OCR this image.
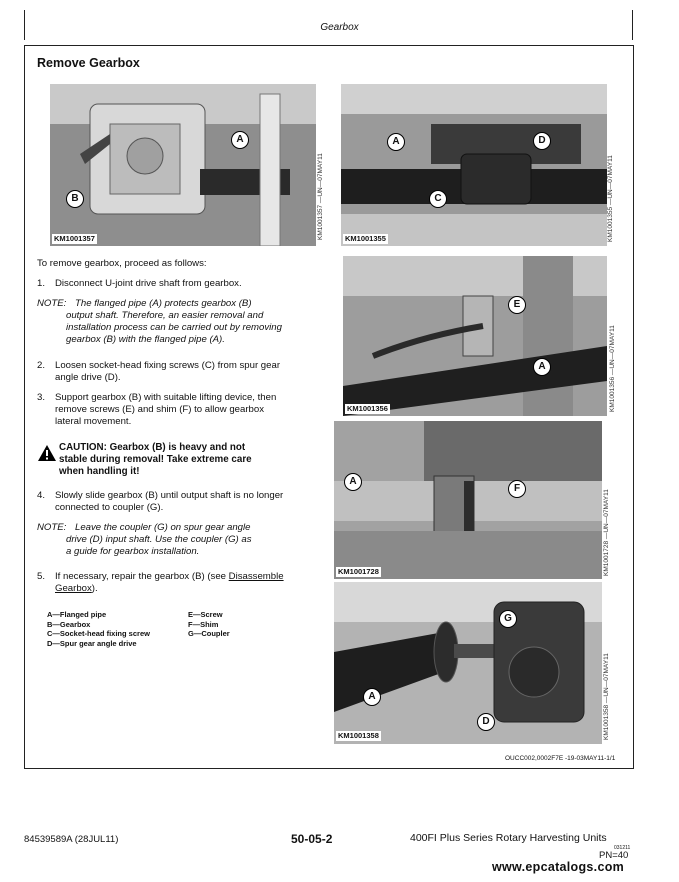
Gearbox
Remove Gearbox
A
B
KM1001357	KM1001357 —UN—07MAY11
A	D
C
KM1001355	KM1001355 —UN—07MAY11
To remove gearbox, proceed as follows:
1. Disconnect U-joint drive shaft from gearbox.
NOTE: The flanged pipe (A) protects gearbox (B)
output shaft. Therefore, an easier removal and
installation process can be carried out by removing
gearbox (B) with the flanged pipe (A).
E
A
KM1001356	KM1001356 —UN—07MAY11
2. Loosen socket-head fixing screws (C) from spur gear
angle drive (D).
3. Support gearbox (B) with suitable lifting device, then
remove screws (E) and shim (F) to allow gearbox
lateral movement.
CAUTION: Gearbox (B) is heavy and not
stable during removal! Take extreme care
when handling it!
A
F
KM1001728	KM1001728 —UN—07MAY11
4. Slowly slide gearbox (B) until output shaft is no longer
connected to coupler (G).
NOTE: Leave the coupler (G) on spur gear angle
drive (D) input shaft. Use the coupler (G) as
a guide for gearbox installation.
5. If necessary, repair the gearbox (B) (see Disassemble
Gearbox).
A—Flanged pipe
B—Gearbox
C—Socket-head fixing screw
D—Spur gear angle drive
E—Screw
F—Shim
G—Coupler
G
A
D
KM1001358	KM1001358 —UN—07MAY11
OUCC002,0002F7E -19-03MAY11-1/1
84539589A (28JUL11)	50-05-2	400FI Plus Series Rotary Harvesting Units
031211
PN=40
www.epcatalogs.com
